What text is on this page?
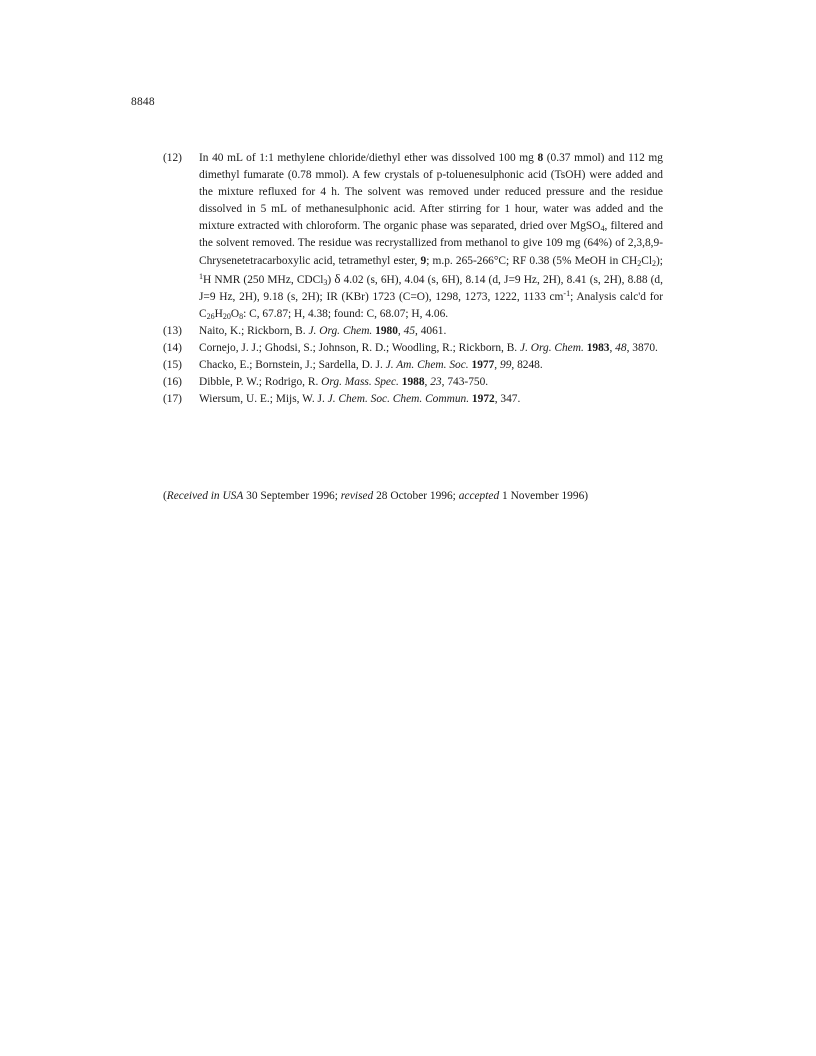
8848
(12) In 40 mL of 1:1 methylene chloride/diethyl ether was dissolved 100 mg 8 (0.37 mmol) and 112 mg dimethyl fumarate (0.78 mmol). A few crystals of p-toluenesulphonic acid (TsOH) were added and the mixture refluxed for 4 h. The solvent was removed under reduced pressure and the residue dissolved in 5 mL of methanesulphonic acid. After stirring for 1 hour, water was added and the mixture extracted with chloroform. The organic phase was separated, dried over MgSO$_4$, filtered and the solvent removed. The residue was recrystallized from methanol to give 109 mg (64%) of 2,3,8,9-Chrysenetetracarboxylic acid, tetramethyl ester, 9; m.p. 265-266°C; RF 0.38 (5% MeOH in $CH_2Cl_2$); $^1$H NMR (250 MHz, CDCl$_3$) δ 4.02 (s, 6H), 4.04 (s, 6H), 8.14 (d, J=9 Hz, 2H), 8.41 (s, 2H), 8.88 (d, J=9 Hz, 2H), 9.18 (s, 2H); IR (KBr) 1723 (C=O), 1298, 1273, 1222, 1133 $cm^{-1}$; Analysis calc'd for $C_{26}H_{20}O_8$: C, 67.87; H, 4.38; found: C, 68.07; H, 4.06.
(13) Naito, K.; Rickborn, B. J. Org. Chem. 1980, 45, 4061.
(14) Cornejo, J. J.; Ghodsi, S.; Johnson, R. D.; Woodling, R.; Rickborn, B. J. Org. Chem. 1983, 48, 3870.
(15) Chacko, E.; Bornstein, J.; Sardella, D. J. J. Am. Chem. Soc. 1977, 99, 8248.
(16) Dibble, P. W.; Rodrigo, R. Org. Mass. Spec. 1988, 23, 743-750.
(17) Wiersum, U. E.; Mijs, W. J. J. Chem. Soc. Chem. Commun. 1972, 347.
(Received in USA 30 September 1996; revised 28 October 1996; accepted 1 November 1996)
